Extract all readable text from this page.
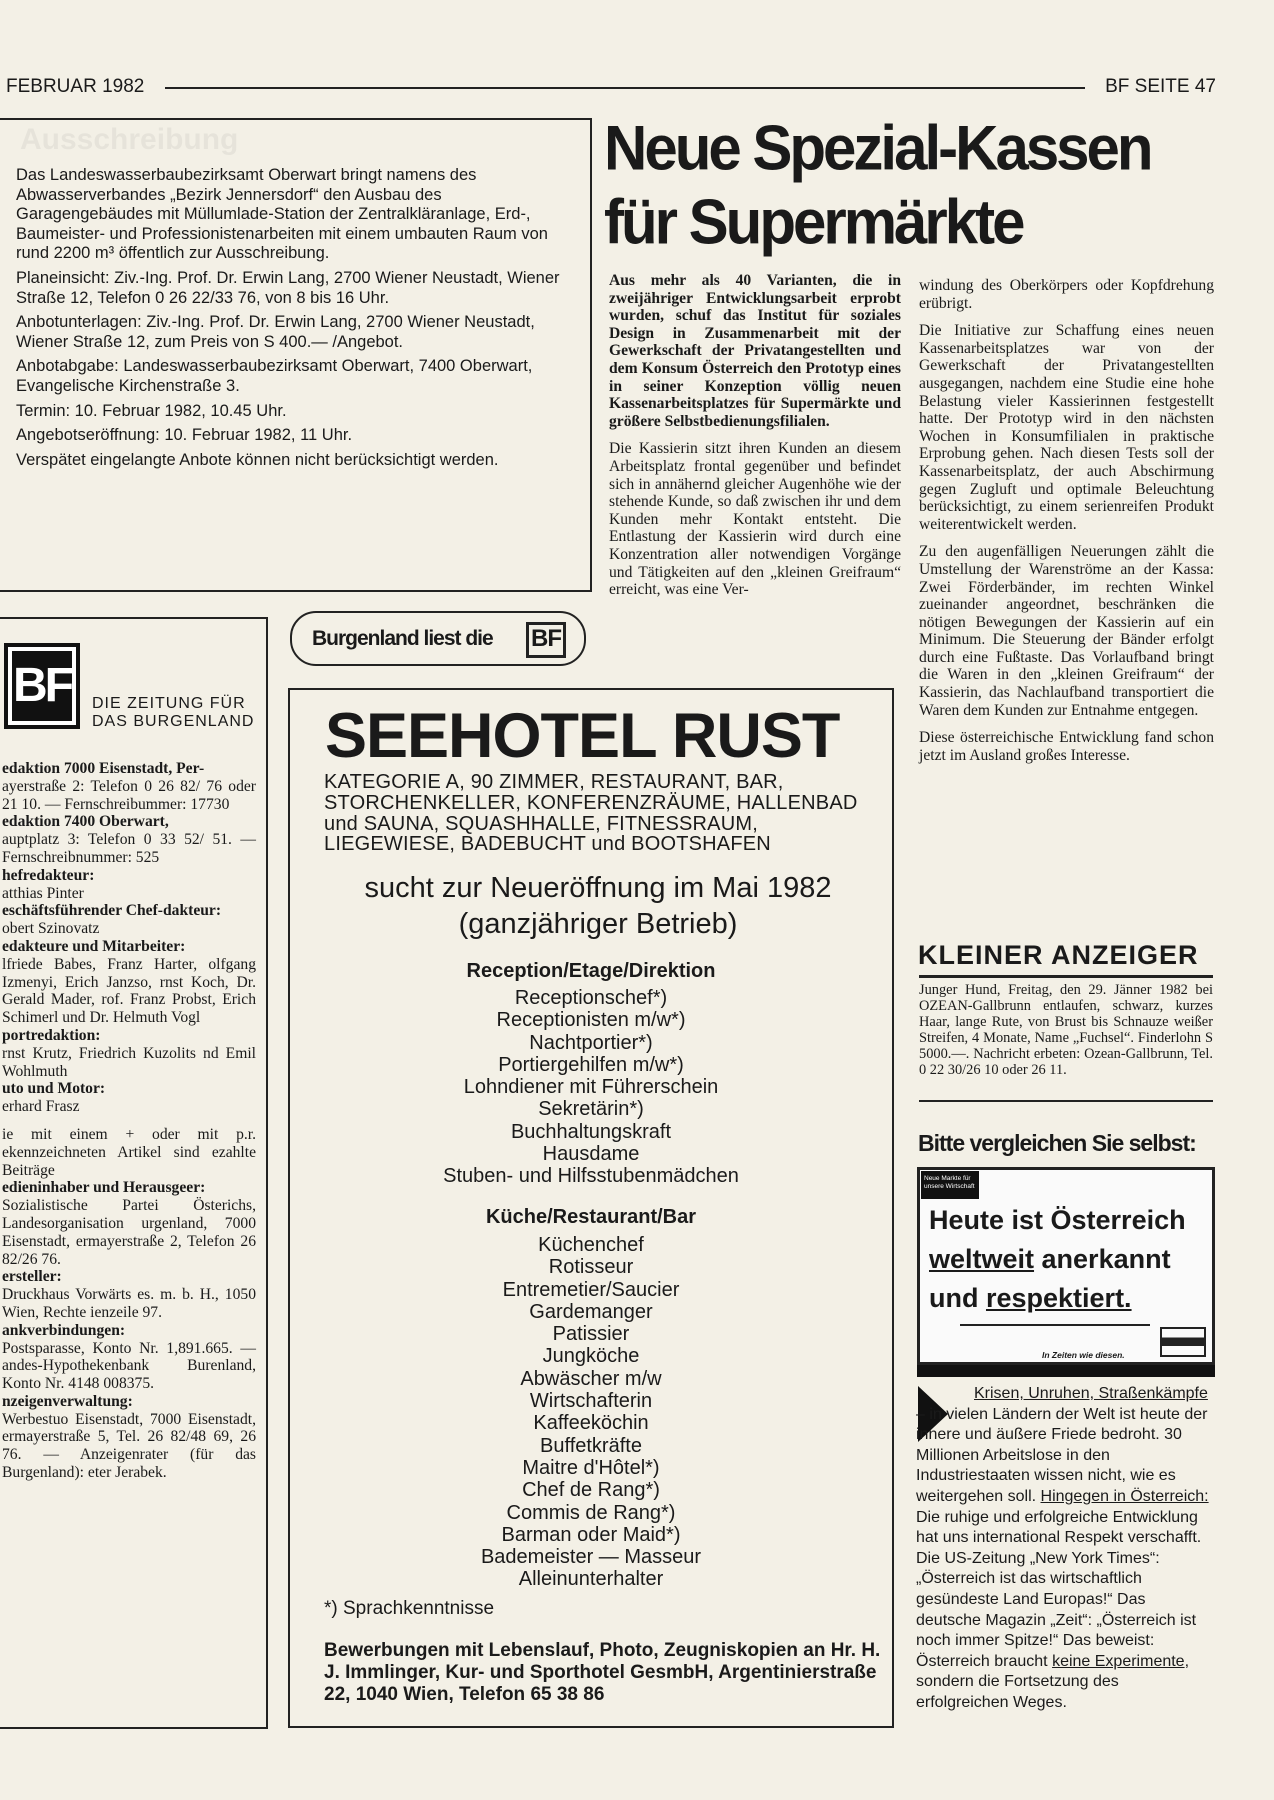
FEBRUAR 1982	BF SEITE 47
Ausschreibung

Das Landeswasserbaubezirksamt Oberwart bringt namens des Abwasserverbandes „Bezirk Jennersdorf“ den Ausbau des Garagengebäudes mit Müllumlade-Station der Zentralkläranlage, Erd-, Baumeister- und Professionistenarbeiten mit einem umbauten Raum von rund 2200 m³ öffentlich zur Ausschreibung.

Planeinsicht: Ziv.-Ing. Prof. Dr. Erwin Lang, 2700 Wiener Neustadt, Wiener Straße 12, Telefon 0 26 22/33 76, von 8 bis 16 Uhr.

Anbotunterlagen: Ziv.-Ing. Prof. Dr. Erwin Lang, 2700 Wiener Neustadt, Wiener Straße 12, zum Preis von S 400.— /Angebot.

Anbotabgabe: Landeswasserbaubezirksamt Oberwart, 7400 Oberwart, Evangelische Kirchenstraße 3.

Termin: 10. Februar 1982, 10.45 Uhr.

Angebotseröffnung: 10. Februar 1982, 11 Uhr.

Verspätet eingelangte Anbote können nicht berücksichtigt werden.

Neue Spezial-Kassen
für Supermärkte

Aus mehr als 40 Varianten, die in zweijähriger Entwicklungsarbeit erprobt wurden, schuf das Institut für soziales Design in Zusammenarbeit mit der Gewerkschaft der Privatangestellten und dem Konsum Österreich den Prototyp eines in seiner Konzeption völlig neuen Kassenarbeitsplatzes für Supermärkte und größere Selbstbedienungsfilialen.

Die Kassierin sitzt ihren Kunden an diesem Arbeitsplatz frontal gegenüber und befindet sich in annähernd gleicher Augenhöhe wie der stehende Kunde, so daß zwischen ihr und dem Kunden mehr Kontakt entsteht. Die Entlastung der Kassierin wird durch eine Konzentration aller notwendigen Vorgänge und Tätigkeiten auf den „kleinen Greifraum“ erreicht, was eine Ver-

windung des Oberkörpers oder Kopfdrehung erübrigt.

Die Initiative zur Schaffung eines neuen Kassenarbeitsplatzes war von der Gewerkschaft der Privatangestellten ausgegangen, nachdem eine Studie eine hohe Belastung vieler Kassierinnen festgestellt hatte. Der Prototyp wird in den nächsten Wochen in Konsumfilialen in praktische Erprobung gehen. Nach diesen Tests soll der Kassenarbeitsplatz, der auch Abschirmung gegen Zugluft und optimale Beleuchtung berücksichtigt, zu einem serienreifen Produkt weiterentwickelt werden.

Zu den augenfälligen Neuerungen zählt die Umstellung der Warenströme an der Kassa: Zwei Förderbänder, im rechten Winkel zueinander angeordnet, beschränken die nötigen Bewegungen der Kassierin auf ein Minimum. Die Steuerung der Bänder erfolgt durch eine Fußtaste. Das Vorlaufband bringt die Waren in den „kleinen Greifraum“ der Kassierin, das Nachlaufband transportiert die Waren dem Kunden zur Entnahme entgegen.

Diese österreichische Entwicklung fand schon jetzt im Ausland großes Interesse.

Burgenland liest die BF
BF DIE ZEITUNG FÜR
DAS BURGENLAND
edaktion 7000 Eisenstadt, Per-
ayerstraße 2: Telefon 0 26 82/ 76 oder 21 10. — Fernschreibummer: 17730
edaktion 7400 Oberwart,
auptplatz 3: Telefon 0 33 52/ 51. — Fernschreibnummer: 525
hefredakteur:
atthias Pinter
eschäftsführender Chef-dakteur:
obert Szinovatz
edakteure und Mitarbeiter:
lfriede Babes, Franz Harter, olfgang Izmenyi, Erich Janzso, rnst Koch, Dr. Gerald Mader, rof. Franz Probst, Erich Schimerl und Dr. Helmuth Vogl
portredaktion:
rnst Krutz, Friedrich Kuzolits nd Emil Wohlmuth
uto und Motor:
erhard Frasz
ie mit einem + oder mit p.r. ekennzeichneten Artikel sind ezahlte Beiträge
edieninhaber und Herausgeer:
Sozialistische Partei Österichs, Landesorganisation urgenland, 7000 Eisenstadt, ermayerstraße 2, Telefon 26 82/26 76.
ersteller:
Druckhaus Vorwärts es. m. b. H., 1050 Wien, Rechte ienzeile 97.
ankverbindungen:
Postsparasse, Konto Nr. 1,891.665. — andes-Hypothekenbank Burenland, Konto Nr. 4148 008375.
nzeigenverwaltung:
Werbestuo Eisenstadt, 7000 Eisenstadt, ermayerstraße 5, Tel. 26 82/48 69, 26 76. — Anzeigenrater (für das Burgenland): eter Jerabek.
SEEHOTEL RUST
KATEGORIE A, 90 ZIMMER, RESTAURANT, BAR, STORCHENKELLER, KONFERENZRÄUME, HALLENBAD und SAUNA, SQUASHHALLE, FITNESSRAUM, LIEGEWIESE, BADEBUCHT und BOOTSHAFEN
sucht zur Neueröffnung im Mai 1982
(ganzjähriger Betrieb)
Reception/Etage/Direktion
Receptionschef*)
Receptionisten m/w*)
Nachtportier*)
Portiergehilfen m/w*)
Lohndiener mit Führerschein
Sekretärin*)
Buchhaltungskraft
Hausdame
Stuben- und Hilfsstubenmädchen
Küche/Restaurant/Bar
Küchenchef
Rotisseur
Entremetier/Saucier
Gardemanger
Patissier
Jungköche
Abwäscher m/w
Wirtschafterin
Kaffeeköchin
Buffetkräfte
Maitre d'Hôtel*)
Chef de Rang*)
Commis de Rang*)
Barman oder Maid*)
Bademeister — Masseur
Alleinunterhalter
*) Sprachkenntnisse
Bewerbungen mit Lebenslauf, Photo, Zeugniskopien an Hr. H. J. Immlinger, Kur- und Sporthotel GesmbH, Argentinierstraße 22, 1040 Wien, Telefon 65 38 86
KLEINER ANZEIGER
Junger Hund, Freitag, den 29. Jänner 1982 bei OZEAN-Gallbrunn entlaufen, schwarz, kurzes Haar, lange Rute, von Brust bis Schnauze weißer Streifen, 4 Monate, Name „Fuchsel“. Finderlohn S 5000.—. Nachricht erbeten: Ozean-Gallbrunn, Tel. 0 22 30/26 10 oder 26 11.
Bitte vergleichen Sie selbst:
Neue Markte für unsere Wirtschaft
Heute ist Österreich
weltweit anerkannt
und respektiert.
In Zeiten wie diesen.
Krisen, Unruhen, Straßenkämpfe – in vielen Ländern der Welt ist heute der innere und äußere Friede bedroht. 30 Millionen Arbeitslose in den Industriestaaten wissen nicht, wie es weitergehen soll. Hingegen in Österreich: Die ruhige und erfolgreiche Entwicklung hat uns international Respekt verschafft. Die US-Zeitung „New York Times“: „Österreich ist das wirtschaftlich gesündeste Land Europas!“ Das deutsche Magazin „Zeit“: „Österreich ist noch immer Spitze!“ Das beweist: Österreich braucht keine Experimente, sondern die Fortsetzung des erfolgreichen Weges.
